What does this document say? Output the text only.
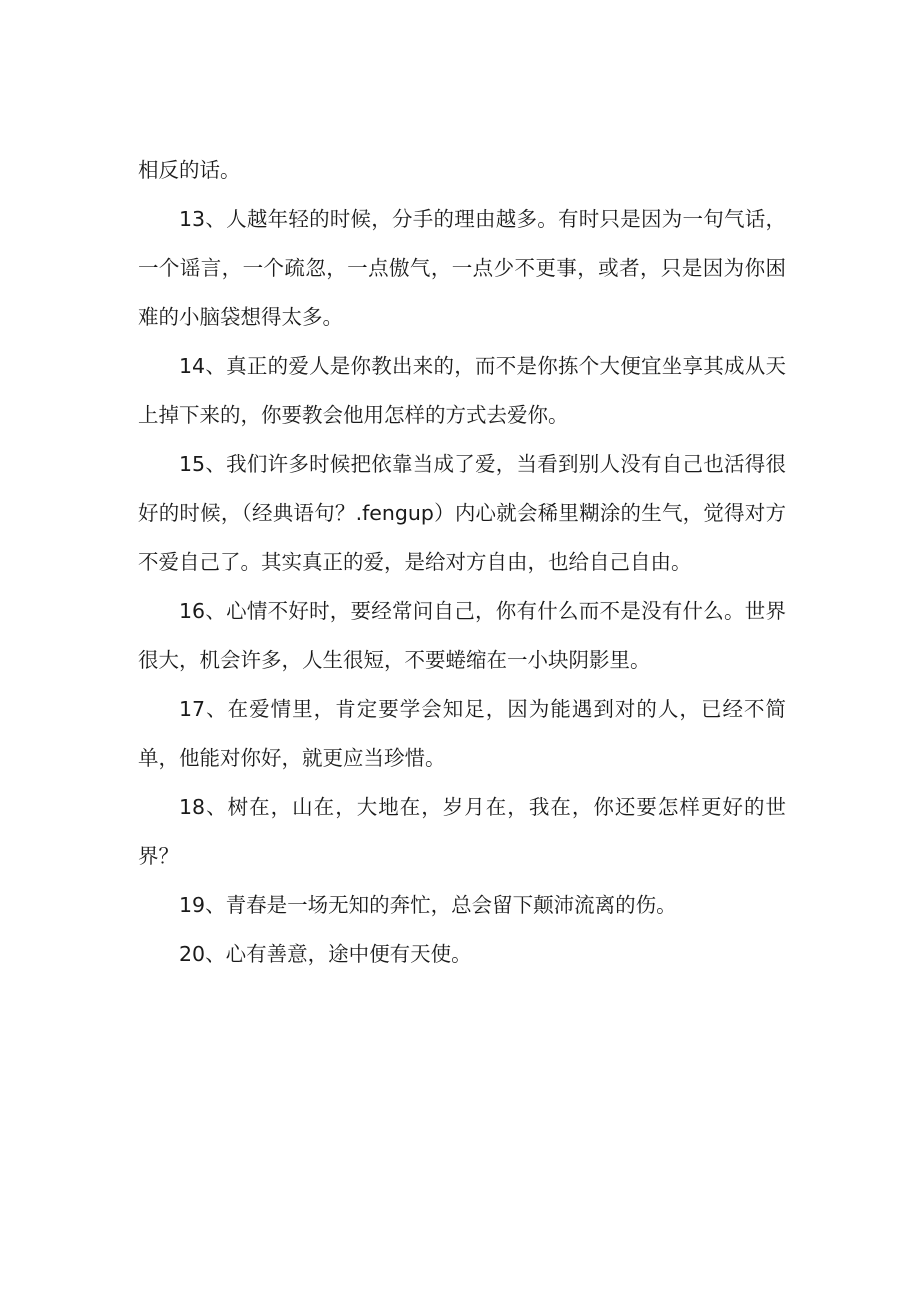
相反的话。

13、人越年轻的时候，分手的理由越多。有时只是因为一句气话，一个谣言，一个疏忽，一点傲气，一点少不更事，或者，只是因为你困难的小脑袋想得太多。

14、真正的爱人是你教出来的，而不是你拣个大便宜坐享其成从天上掉下来的，你要教会他用怎样的方式去爱你。

15、我们许多时候把依靠当成了爱，当看到别人没有自己也活得很好的时候，（经典语句？.fengup）内心就会稀里糊涂的生气，觉得对方不爱自己了。其实真正的爱，是给对方自由，也给自己自由。

16、心情不好时，要经常问自己，你有什么而不是没有什么。世界很大，机会许多，人生很短，不要蜷缩在一小块阴影里。

17、在爱情里，肯定要学会知足，因为能遇到对的人，已经不简单，他能对你好，就更应当珍惜。

18、树在，山在，大地在，岁月在，我在，你还要怎样更好的世界？

19、青春是一场无知的奔忙，总会留下颠沛流离的伤。

20、心有善意，途中便有天使。
